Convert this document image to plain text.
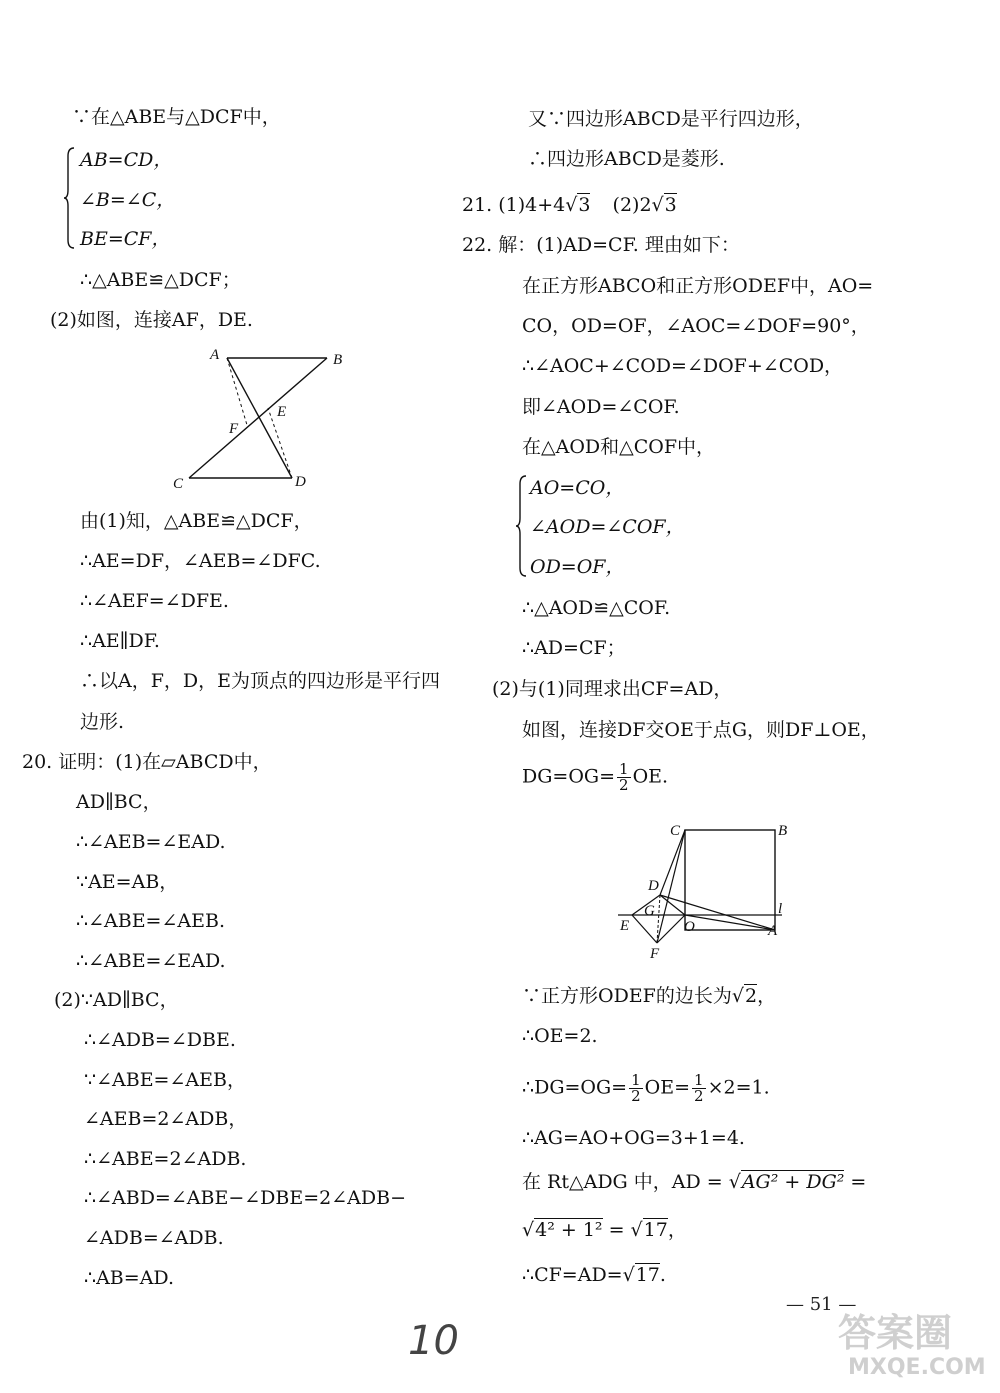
∵在△ABE与△DCF中，
AB=CD，
∠B=∠C，
BE=CF，
∴△ABE≌△DCF；
(2)如图，连接AF，DE.
A	B
E
F
C	D
由(1)知，△ABE≌△DCF，
∴AE=DF，∠AEB=∠DFC.
∴∠AEF=∠DFE.
∴AE∥DF.
∴以A，F，D，E为顶点的四边形是平行四
边形.
20. 证明：(1)在▱ABCD中，
AD∥BC，
∴∠AEB=∠EAD.
∵AE=AB，
∴∠ABE=∠AEB.
∴∠ABE=∠EAD.
(2)∵AD∥BC，
∴∠ADB=∠DBE.
∵∠ABE=∠AEB，
∠AEB=2∠ADB，
∴∠ABE=2∠ADB.
∴∠ABD=∠ABE−∠DBE=2∠ADB−
∠ADB=∠ADB.
∴AB=AD.
又∵四边形ABCD是平行四边形，
∴四边形ABCD是菱形.
21. (1)4+4√3 (2)2√3
22. 解：(1)AD=CF. 理由如下：
在正方形ABCO和正方形ODEF中，AO=
CO，OD=OF，∠AOC=∠DOF=90°，
∴∠AOC+∠COD=∠DOF+∠COD，
即∠AOD=∠COF.
在△AOD和△COF中，
AO=CO，
∠AOD=∠COF，
OD=OF，
∴△AOD≌△COF.
∴AD=CF；
(2)与(1)同理求出CF=AD，
如图，连接DF交OE于点G，则DF⊥OE，
$DG=OG= \frac{1}{2}$ OE.
C	B
D
G
E	O	A
F
l
∵正方形ODEF的边长为√2，
∴OE=2.
∴DG=OG= $\frac{1}{2} OE= \frac{1}{2} \times 2=1$.
∴AG=AO+OG=3+1=4.
在 Rt△ADG 中，AD = √AG² + DG² =
√4² + 1² = √17，
∴CF=AD=√17.
— 51 —
10	答案圈
MXQE.COM
